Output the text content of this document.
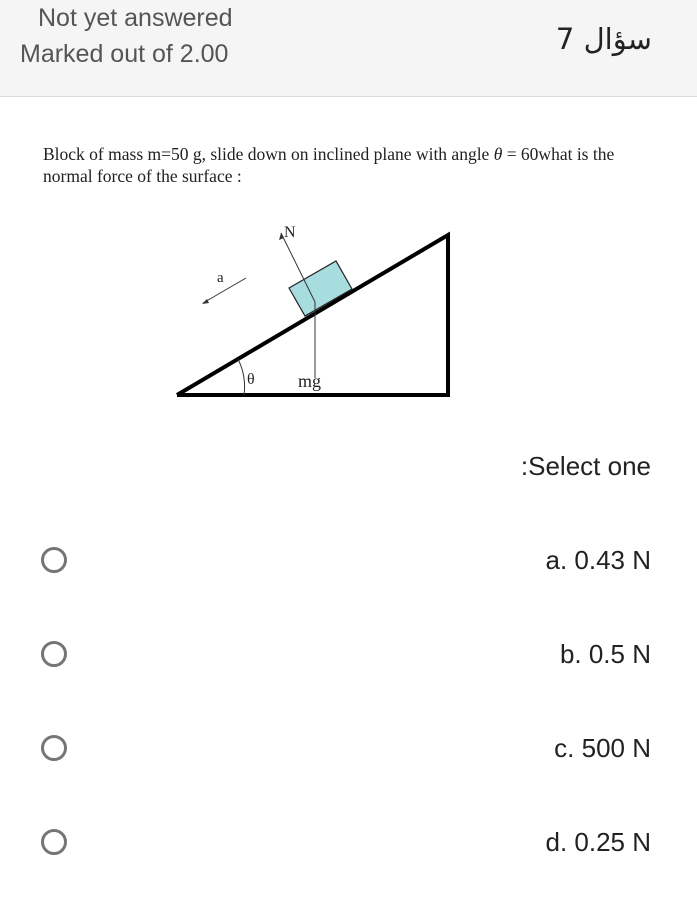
Not yet answered
Marked out of 2.00	سؤال 7
Block of mass m=50 g, slide down on inclined plane with angle θ = 60what is the normal force of the surface :
N
mg
a
θ
:Select one
a. 0.43 N
b. 0.5 N
c. 500 N
d. 0.25 N
